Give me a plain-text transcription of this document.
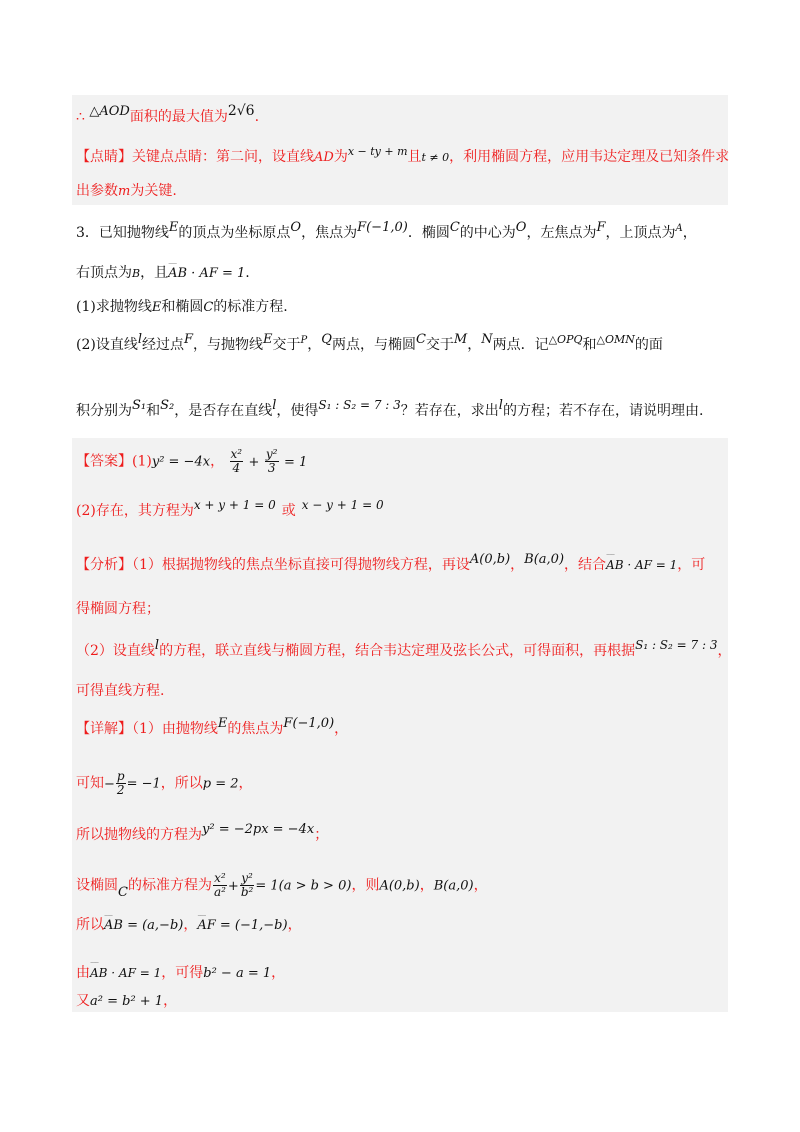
∴ △AOD面积的最大值为2√6.
【点睛】关键点点睛：第二问，设直线AD为$^{x - ty + m}$且t ≠ 0，利用椭圆方程，应用韦达定理及已知条件求
出参数m为关键.
3．已知抛物线E的顶点为坐标原点O，焦点为F(−1,0)．椭圆C的中心为O，左焦点为F，上顶点为$^A$，
右顶点为B，且⁻⁻⁻ AB · AF = 1.
(1)求抛物线E和椭圆C的标准方程.
(2)设直线l经过点F，与抛物线E交于$^P$，Q两点，与椭圆C交于M，N两点．记$^{\triangle OPQ}$和$^{\triangle OMN}$的面
积分别为S₁和S₂，是否存在直线l，使得S₁ : S₂ = 7 : 3？若存在，求出l的方程；若不存在，请说明理由.
【答案】(1)y² = −4x， $\frac{\text{x²}}{4} + \frac{\text{y²}}{3} = 1$
(2)存在，其方程为x + y + 1 = 0 或 x − y + 1 = 0
【分析】（1）根据抛物线的焦点坐标直接可得抛物线方程，再设A(0,b)，B(a,0)，结合⁻⁻⁻ AB · AF = 1，可
得椭圆方程；
（2）设直线l的方程，联立直线与椭圆方程，结合韦达定理及弦长公式，可得面积，再根据S₁ : S₂ = 7 : 3，
可得直线方程.
【详解】（1）由抛物线E的焦点为F(−1,0)，
可知− $\frac{p}{2} = -1$，所以p = 2，
所以抛物线的方程为y² = −2px = −4x；
设椭圆C的标准方程为 $\frac{\text{x²}}{\text{a²}} + \frac{\text{y²}}{\text{b²}} = 1(a > b > 0)$，则A(0,b)，B(a,0)，
所以⁻⁻⁻ AB = (a,−b)，⁻⁻⁻ AF = (−1,−b)，
由⁻⁻⁻ AB · AF = 1，可得b² − a = 1，
又a² = b² + 1，
